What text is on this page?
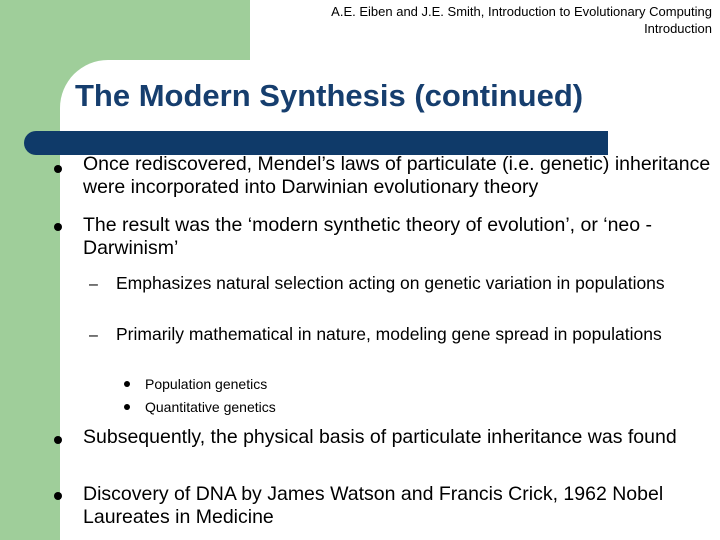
A.E. Eiben and J.E. Smith, Introduction to Evolutionary Computing
Introduction
The Modern Synthesis (continued)
Once rediscovered, Mendel’s laws of particulate (i.e. genetic) inheritance were incorporated into Darwinian evolutionary theory
The result was the ‘modern synthetic theory of evolution’, or ‘neo -Darwinism’
– Emphasizes natural selection acting on genetic variation in populations
– Primarily mathematical in nature, modeling gene spread in populations
Population genetics
Quantitative genetics
Subsequently, the physical basis of particulate inheritance was found
Discovery of DNA by James Watson and Francis Crick, 1962 Nobel Laureates in Medicine
